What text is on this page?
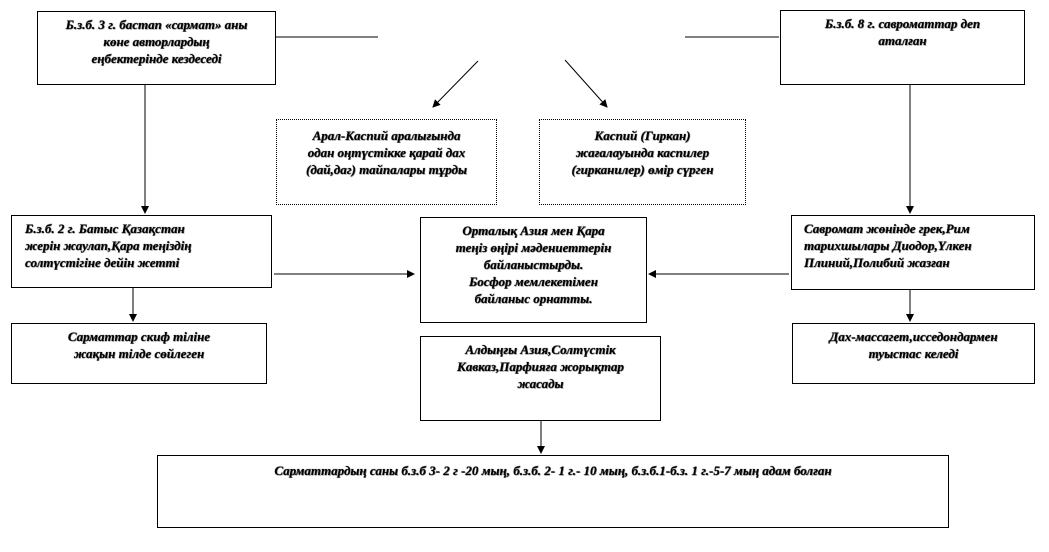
Б.з.б. 3 г. бастап «сармат» аны
көне авторлардың
еңбектерінде кездеседі
Б.з.б. 8 г. савроматтар деп
аталған
Арал-Каспий аралығында
одан оңтүстікке қарай дах
(дай,даг) тайпалары тұрды
Каспий (Гиркан)
жағалауында каспилер
(гирканилер) өмір сүрген
Б.з.б. 2 г. Батыс Қазақстан
жерін жаулап,Қара теңіздің
солтүстігіне дейін жетті
Орталық Азия мен Қара
теңіз өңірі мәдениеттерін
байланыстырды.
Босфор мемлекетімен
байланыс орнатты.
Савромат жөнінде грек,Рим
тарихшылары Диодор,Үлкен
Плиний,Полибий жазған
Сарматтар скиф тіліне
жақын тілде сөйлеген	Алдыңғы Азия,Солтүстік
Кавказ,Парфияға жорықтар
жасады
Дах-массагет,исседондармен
туыстас келеді
Сарматтардың саны б.з.б 3- 2 г -20 мың, б.з.б. 2- 1 г.- 10 мың, б.з.б.1-б.з. 1 г.-5-7 мың адам болған
